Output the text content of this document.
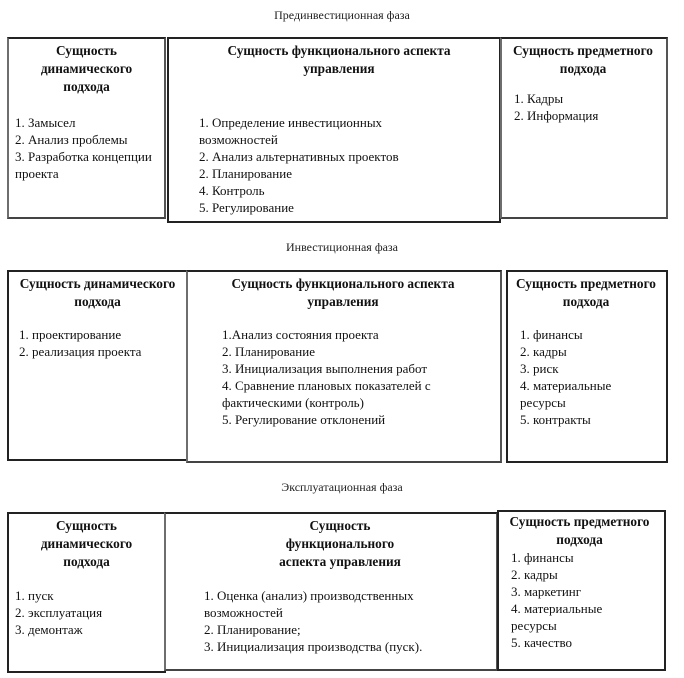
Прединвестиционная фаза
Сущность динамического подхода
1. Замысел
2. Анализ проблемы
3. Разработка концепции проекта
Сущность функционального аспекта управления
1. Определение инвестиционных возможностей
2. Анализ альтернативных проектов
2. Планирование
4. Контроль
5. Регулирование
Сущность предметного подхода
1. Кадры
2. Информация
Инвестиционная фаза
Сущность динамического подхода
1. проектирование
2. реализация проекта
Сущность функционального аспекта управления
1.Анализ состояния проекта
2. Планирование
3. Инициализация выполнения работ
4. Сравнение плановых показателей с фактическими (контроль)
5. Регулирование отклонений
Сущность предметного подхода
1. финансы
2. кадры
3. риск
4. материальные ресурсы
5. контракты
Эксплуатационная фаза
Сущность динамического подхода
1. пуск
2. эксплуатация
3. демонтаж
Сущность функционального аспекта управления
1. Оценка (анализ) производственных возможностей
2. Планирование;
3. Инициализация производства (пуск).
Сущность предметного подхода
1. финансы
2. кадры
3. маркетинг
4. материальные ресурсы
5. качество
